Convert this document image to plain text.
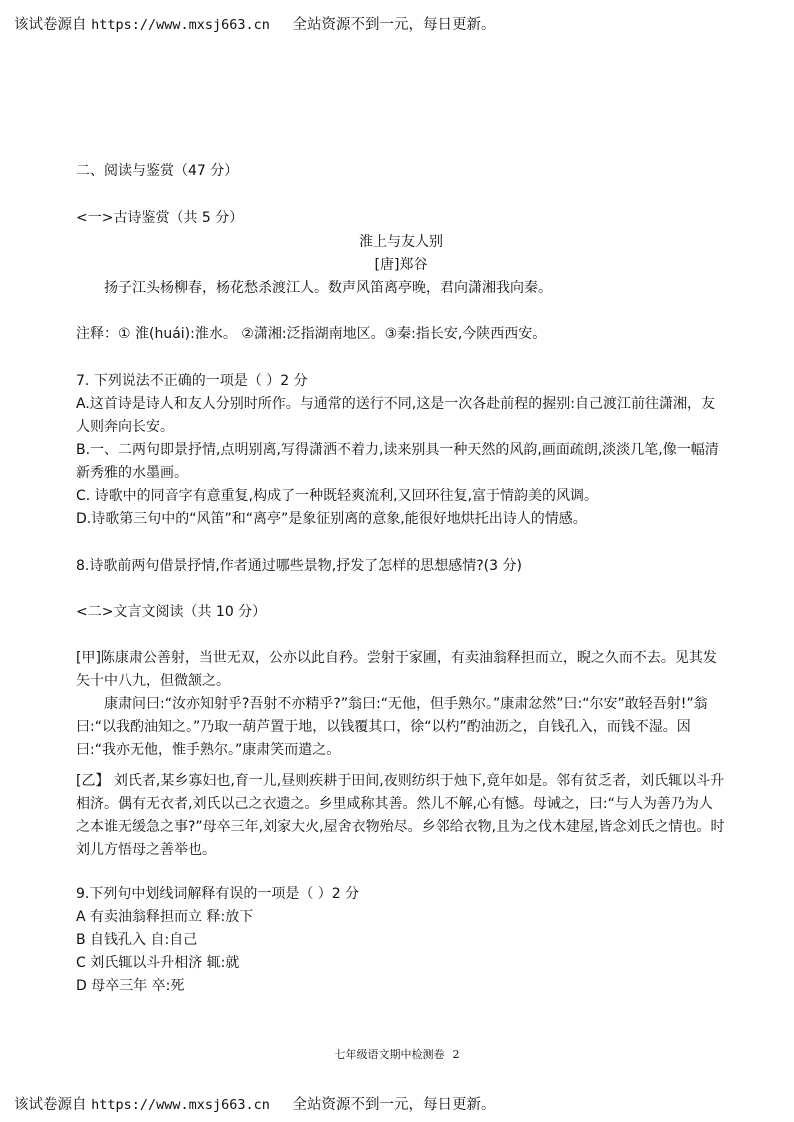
该试卷源自 https://www.mxsj663.cn 全站资源不到一元，每日更新。

二、阅读与鉴赏（47 分）

<一>古诗鉴赏（共 5 分）

淮上与友人别

[唐]郑谷

扬子江头杨柳春，杨花愁杀渡江人。数声风笛离亭晚，君向潇湘我向秦。

注释：① 淮(huái):淮水。 ②潇湘:泛指湖南地区。③秦:指长安,今陕西西安。

7. 下列说法不正确的一项是（ ）2 分

A.这首诗是诗人和友人分别时所作。与通常的送行不同,这是一次各赴前程的握别:自己渡江前往潇湘，友人则奔向长安。

B.一、二两句即景抒情,点明别离,写得潇洒不着力,读来别具一种天然的风韵,画面疏朗,淡淡几笔,像一幅清新秀雅的水墨画。

C. 诗歌中的同音字有意重复,构成了一种既轻爽流利,又回环往复,富于情韵美的风调。

D.诗歌第三句中的“风笛”和“离亭”是象征别离的意象,能很好地烘托出诗人的情感。

8.诗歌前两句借景抒情,作者通过哪些景物,抒发了怎样的思想感情?(3 分)

<二>文言文阅读（共 10 分）

[甲]陈康肃公善射，当世无双，公亦以此自矜。尝射于家圃，有卖油翁释担而立，睨之久而不去。见其发矢十中八九，但微颔之。

康肃问曰:“汝亦知射乎?吾射不亦精乎?”翁曰:“无他，但手熟尔。”康肃忿然”曰:“尔安”敢轻吾射!”翁曰:“以我酌油知之。”乃取一葫芦置于地，以钱覆其口，徐“以杓”酌油沥之，自钱孔入，而钱不湿。因曰:“我亦无他，惟手熟尔。”康肃笑而遣之。

[乙】 刘氏者,某乡寡妇也,育一儿,昼则疾耕于田间,夜则纺织于烛下,竟年如是。邻有贫乏者，刘氏辄以斗升相济。偶有无衣者,刘氏以己之衣遗之。乡里咸称其善。然儿不解,心有憾。母诫之，曰:“与人为善乃为人之本谁无缓急之事?”母卒三年,刘家大火,屋舍衣物殆尽。乡邻给衣物,且为之伐木建屋,皆念刘氏之情也。时刘儿方悟母之善举也。

9.下列句中划线词解释有误的一项是（ ）2 分

A 有卖油翁释担而立 释:放下

B 自钱孔入 自:自己

C 刘氏辄以斗升相济 辄:就

D 母卒三年 卒:死

七年级语文期中检测卷 2
该试卷源自 https://www.mxsj663.cn 全站资源不到一元，每日更新。
